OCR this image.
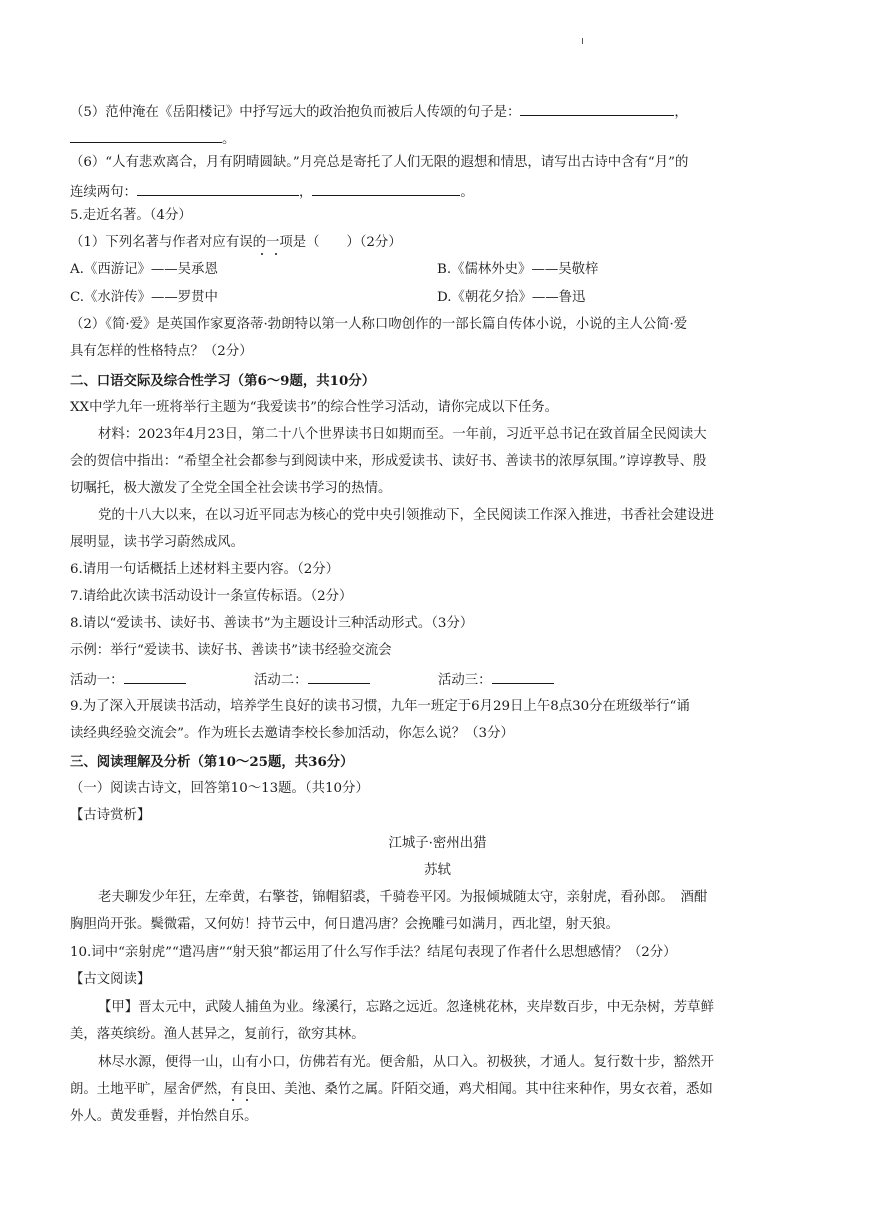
（5）范仲淹在《岳阳楼记》中抒写远大的政治抱负而被后人传颂的句子是：	，
。
（6）“人有悲欢离合，月有阴晴圆缺。”月亮总是寄托了人们无限的遐想和情思，请写出古诗中含有“月”的
连续两句：	，	。
5.走近名著。（4分）
（1）下列名著与作者对应有误的一项是（　　）（2分）
A.《西游记》——吴承恩	B.《儒林外史》——吴敬梓
C.《水浒传》——罗贯中	D.《朝花夕拾》——鲁迅
（2）《简·爱》是英国作家夏洛蒂·勃朗特以第一人称口吻创作的一部长篇自传体小说，小说的主人公简·爱
具有怎样的性格特点？（2分）
二、口语交际及综合性学习（第6～9题，共10分）
XX中学九年一班将举行主题为“我爱读书”的综合性学习活动，请你完成以下任务。
材料：2023年4月23日，第二十八个世界读书日如期而至。一年前，习近平总书记在致首届全民阅读大
会的贺信中指出：“希望全社会都参与到阅读中来，形成爱读书、读好书、善读书的浓厚氛围。”谆谆教导、殷
切嘱托，极大激发了全党全国全社会读书学习的热情。
党的十八大以来，在以习近平同志为核心的党中央引领推动下，全民阅读工作深入推进，书香社会建设进
展明显，读书学习蔚然成风。
6.请用一句话概括上述材料主要内容。（2分）
7.请给此次读书活动设计一条宣传标语。（2分）
8.请以“爱读书、读好书、善读书”为主题设计三种活动形式。（3分）
示例：举行“爱读书、读好书、善读书”读书经验交流会
活动一：	活动二：	活动三：
9.为了深入开展读书活动，培养学生良好的读书习惯，九年一班定于6月29日上午8点30分在班级举行“诵
读经典经验交流会”。作为班长去邀请李校长参加活动，你怎么说？（3分）
三、阅读理解及分析（第10～25题，共36分）
（一）阅读古诗文，回答第10～13题。（共10分）
【古诗赏析】
江城子·密州出猎
苏轼
老夫聊发少年狂，左牵黄，右擎苍，锦帽貂裘，千骑卷平冈。为报倾城随太守，亲射虎，看孙郎。　酒酣
胸胆尚开张。鬓微霜，又何妨！持节云中，何日遣冯唐？会挽雕弓如满月，西北望，射天狼。
10.词中“亲射虎”“遣冯唐”“射天狼”都运用了什么写作手法？结尾句表现了作者什么思想感情？（2分）
【古文阅读】
【甲】晋太元中，武陵人捕鱼为业。缘溪行，忘路之远近。忽逢桃花林，夹岸数百步，中无杂树，芳草鲜
美，落英缤纷。渔人甚异之，复前行，欲穷其林。
林尽水源，便得一山，山有小口，仿佛若有光。便舍船，从口入。初极狭，才通人。复行数十步，豁然开
朗。土地平旷，屋舍俨然，有良田、美池、桑竹之属。阡陌交通，鸡犬相闻。其中往来种作，男女衣着，悉如
外人。黄发垂髫，并怡然自乐。
